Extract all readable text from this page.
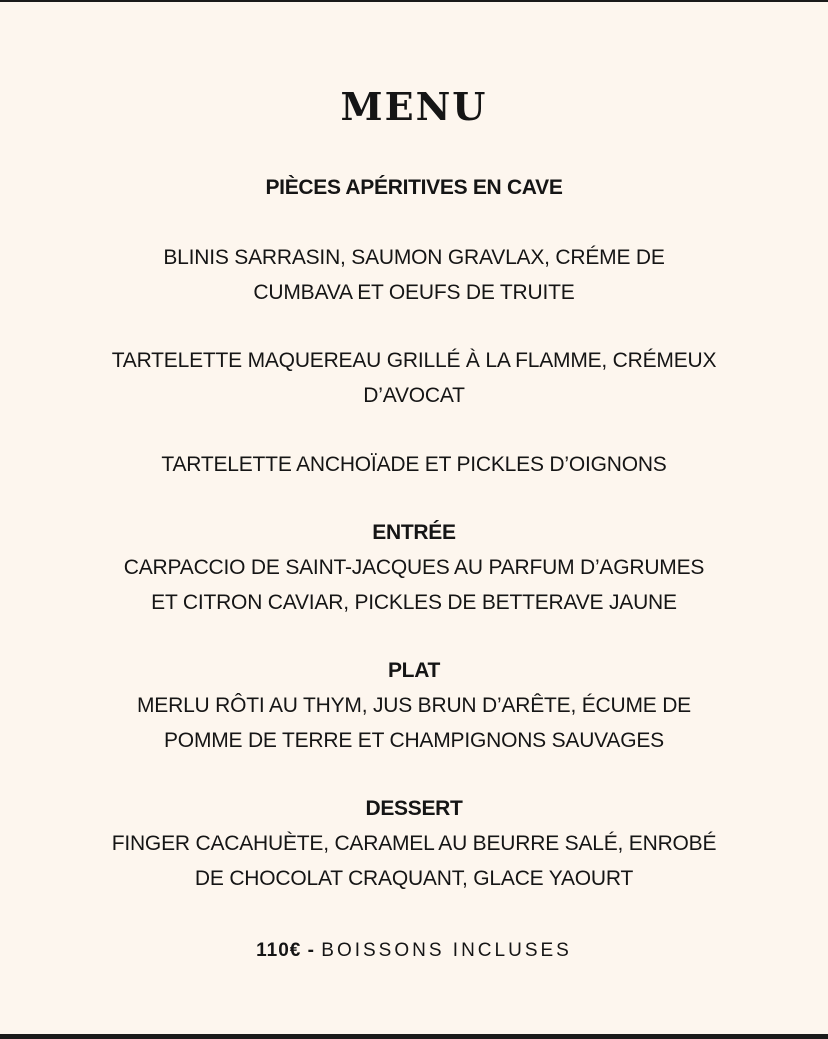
MENU
PIÈCES APÉRITIVES EN CAVE
BLINIS SARRASIN, SAUMON GRAVLAX, CRÉME DE
CUMBAVA ET OEUFS DE TRUITE
TARTELETTE MAQUEREAU GRILLÉ À LA FLAMME, CRÉMEUX
D’AVOCAT
TARTELETTE ANCHOÏADE ET PICKLES D’OIGNONS
ENTRÉE
CARPACCIO DE SAINT-JACQUES AU PARFUM D’AGRUMES
ET CITRON CAVIAR, PICKLES DE BETTERAVE JAUNE
PLAT
MERLU RÔTI AU THYM, JUS BRUN D’ARÊTE, ÉCUME DE
POMME DE TERRE ET CHAMPIGNONS SAUVAGES
DESSERT
FINGER CACAHUÈTE, CARAMEL AU BEURRE SALÉ, ENROBÉ
DE CHOCOLAT CRAQUANT, GLACE YAOURT
110€ - BOISSONS INCLUSES
